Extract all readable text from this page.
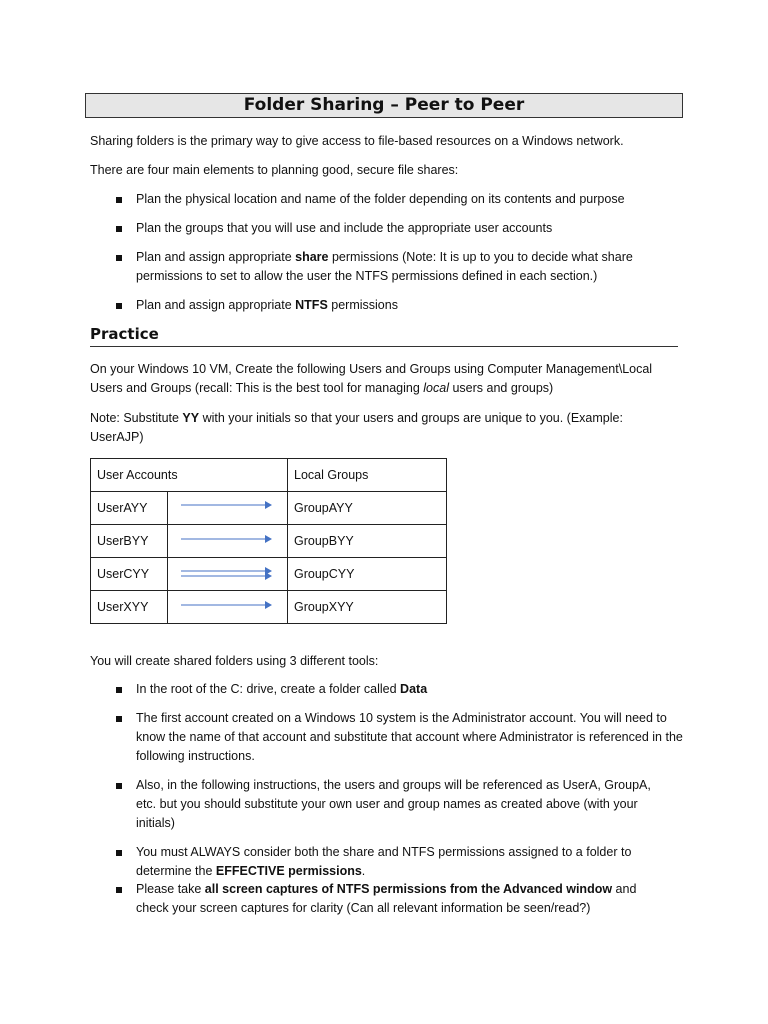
Folder Sharing – Peer to Peer
Sharing folders is the primary way to give access to file-based resources on a Windows network.
There are four main elements to planning good, secure file shares:
Plan the physical location and name of the folder depending on its contents and purpose
Plan the groups that you will use and include the appropriate user accounts
Plan and assign appropriate share permissions (Note: It is up to you to decide what share permissions to set to allow the user the NTFS permissions defined in each section.)
Plan and assign appropriate NTFS permissions
Practice
On your Windows 10 VM, Create the following Users and Groups using Computer Management\Local Users and Groups (recall: This is the best tool for managing local users and groups)
Note: Substitute YY with your initials so that your users and groups are unique to you. (Example: UserAJP)
User Accounts		Local Groups
UserAYY		GroupAYY
UserBYY		GroupBYY
UserCYY		GroupCYY
UserXYY		GroupXYY
You will create shared folders using 3 different tools:
In the root of the C: drive, create a folder called Data
The first account created on a Windows 10 system is the Administrator account. You will need to know the name of that account and substitute that account where Administrator is referenced in the following instructions.
Also, in the following instructions, the users and groups will be referenced as UserA, GroupA, etc. but you should substitute your own user and group names as created above (with your initials)
You must ALWAYS consider both the share and NTFS permissions assigned to a folder to determine the EFFECTIVE permissions.
Please take all screen captures of NTFS permissions from the Advanced window and check your screen captures for clarity (Can all relevant information be seen/read?)
